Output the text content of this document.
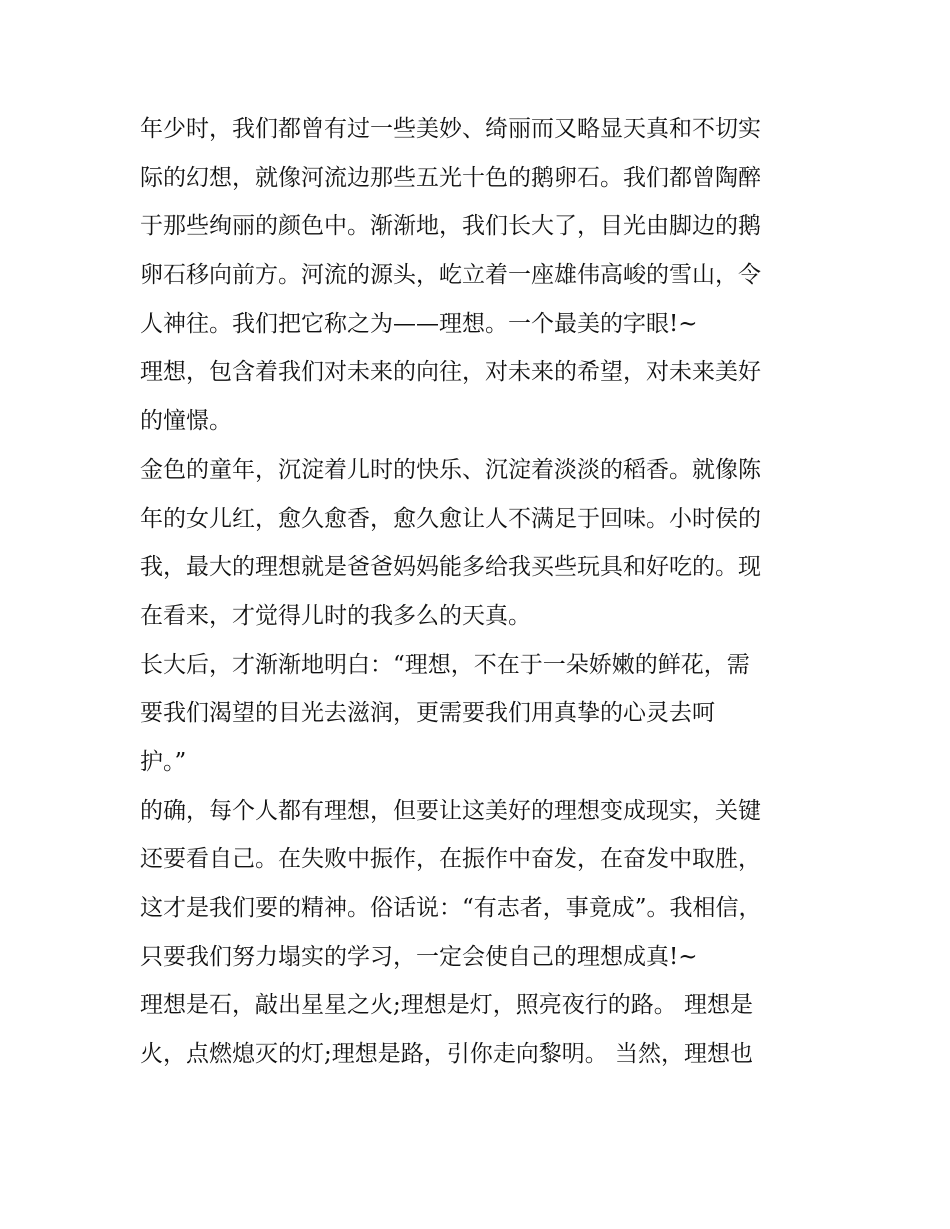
年少时，我们都曾有过一些美妙、绮丽而又略显天真和不切实
际的幻想，就像河流边那些五光十色的鹅卵石。我们都曾陶醉
于那些绚丽的颜色中。渐渐地，我们长大了，目光由脚边的鹅
卵石移向前方。河流的源头，屹立着一座雄伟高峻的雪山，令
人神往。我们把它称之为——理想。一个最美的字眼!~
理想，包含着我们对未来的向往，对未来的希望，对未来美好
的憧憬。
金色的童年，沉淀着儿时的快乐、沉淀着淡淡的稻香。就像陈
年的女儿红，愈久愈香，愈久愈让人不满足于回味。小时侯的
我，最大的理想就是爸爸妈妈能多给我买些玩具和好吃的。现
在看来，才觉得儿时的我多么的天真。
长大后，才渐渐地明白：“理想，不在于一朵娇嫩的鲜花，需
要我们渴望的目光去滋润，更需要我们用真挚的心灵去呵
护。”
的确，每个人都有理想，但要让这美好的理想变成现实，关键
还要看自己。在失败中振作，在振作中奋发，在奋发中取胜，
这才是我们要的精神。俗话说：“有志者，事竟成”。我相信，
只要我们努力塌实的学习，一定会使自己的理想成真!~
理想是石，敲出星星之火;理想是灯，照亮夜行的路。 理想是
火，点燃熄灭的灯;理想是路，引你走向黎明。 当然，理想也
